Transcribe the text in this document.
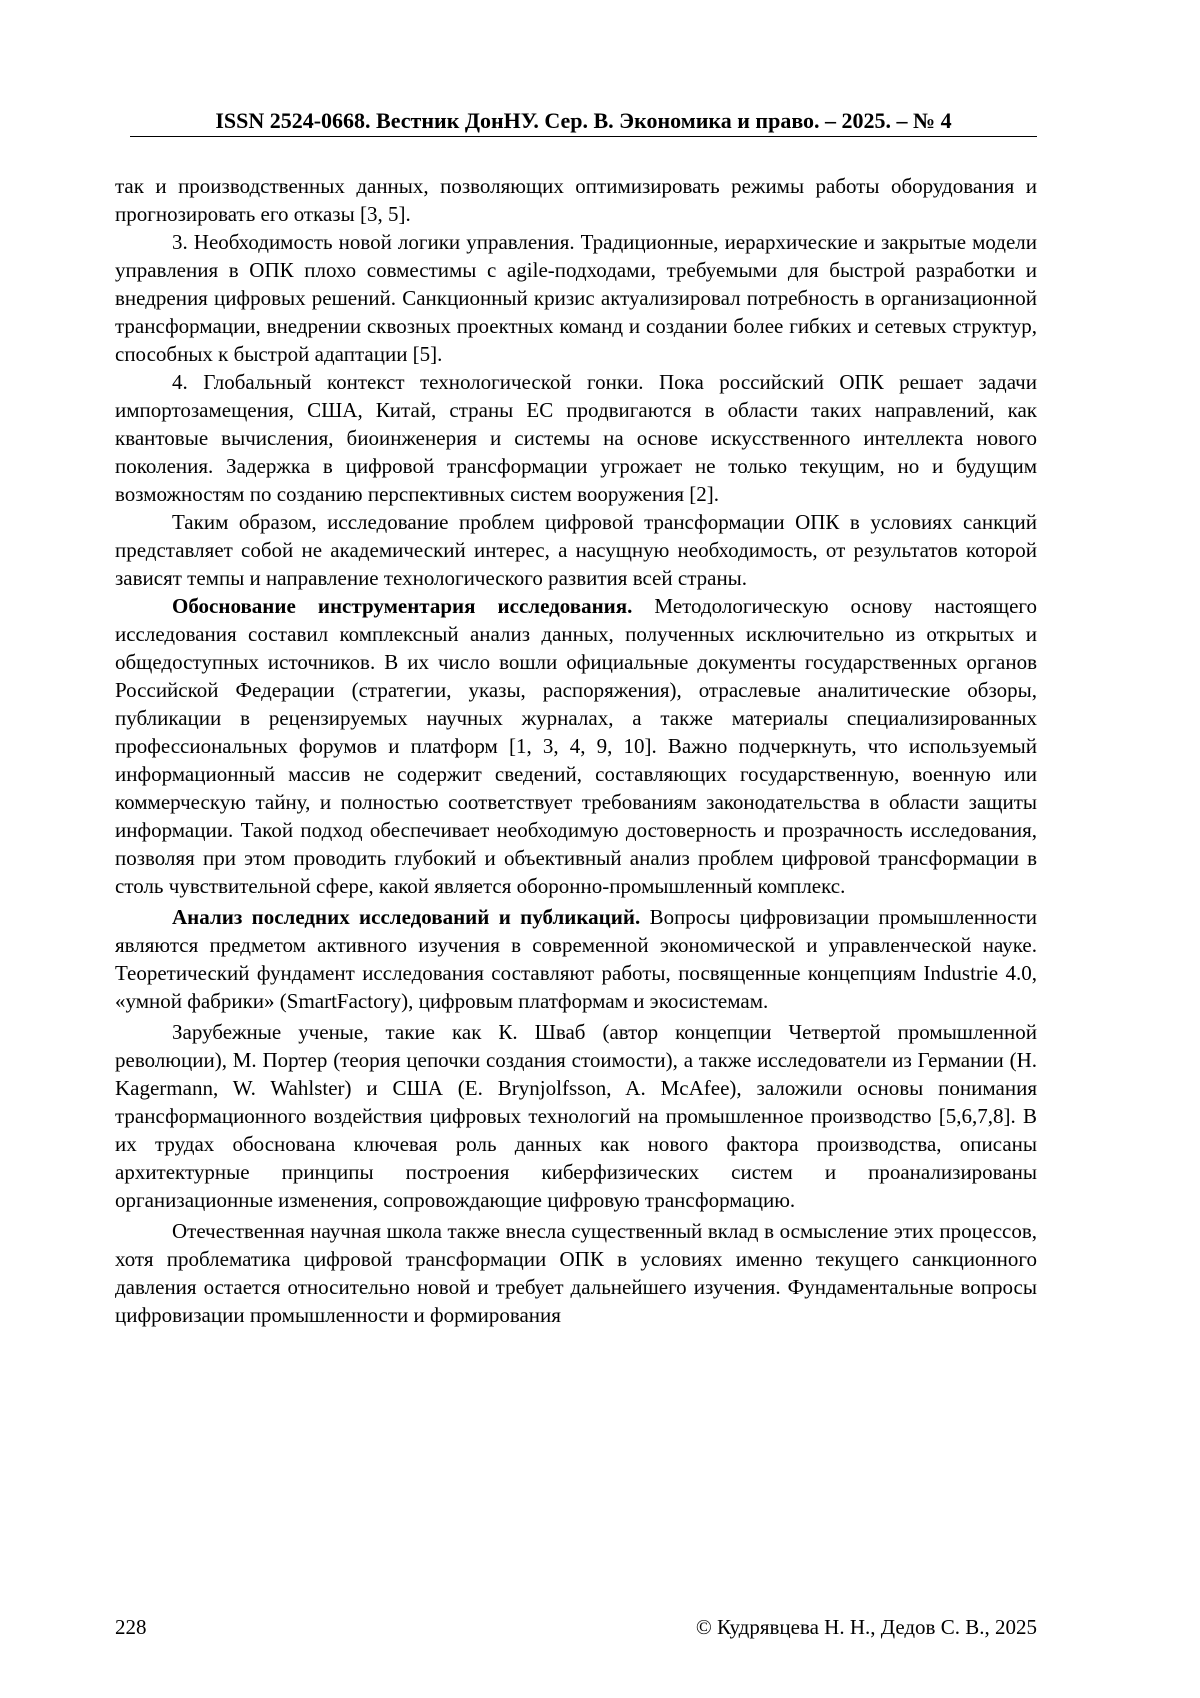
ISSN 2524-0668. Вестник ДонНУ. Сер. В. Экономика и право. – 2025. – № 4

так и производственных данных, позволяющих оптимизировать режимы работы оборудования и прогнозировать его отказы [3, 5].

3. Необходимость новой логики управления. Традиционные, иерархические и закрытые модели управления в ОПК плохо совместимы с agile-подходами, требуемыми для быстрой разработки и внедрения цифровых решений. Санкционный кризис актуализировал потребность в организационной трансформации, внедрении сквозных проектных команд и создании более гибких и сетевых структур, способных к быстрой адаптации [5].

4. Глобальный контекст технологической гонки. Пока российский ОПК решает задачи импортозамещения, США, Китай, страны ЕС продвигаются в области таких направлений, как квантовые вычисления, биоинженерия и системы на основе искусственного интеллекта нового поколения. Задержка в цифровой трансформации угрожает не только текущим, но и будущим возможностям по созданию перспективных систем вооружения [2].

Таким образом, исследование проблем цифровой трансформации ОПК в условиях санкций представляет собой не академический интерес, а насущную необходимость, от результатов которой зависят темпы и направление технологического развития всей страны.

Обоснование инструментария исследования. Методологическую основу настоящего исследования составил комплексный анализ данных, полученных исключительно из открытых и общедоступных источников. В их число вошли официальные документы государственных органов Российской Федерации (стратегии, указы, распоряжения), отраслевые аналитические обзоры, публикации в рецензируемых научных журналах, а также материалы специализированных профессиональных форумов и платформ [1, 3, 4, 9, 10]. Важно подчеркнуть, что используемый информационный массив не содержит сведений, составляющих государственную, военную или коммерческую тайну, и полностью соответствует требованиям законодательства в области защиты информации. Такой подход обеспечивает необходимую достоверность и прозрачность исследования, позволяя при этом проводить глубокий и объективный анализ проблем цифровой трансформации в столь чувствительной сфере, какой является оборонно-промышленный комплекс.

Анализ последних исследований и публикаций. Вопросы цифровизации промышленности являются предметом активного изучения в современной экономической и управленческой науке. Теоретический фундамент исследования составляют работы, посвященные концепциям Industrie 4.0, «умной фабрики» (SmartFactory), цифровым платформам и экосистемам.

Зарубежные ученые, такие как К. Шваб (автор концепции Четвертой промышленной революции), М. Портер (теория цепочки создания стоимости), а также исследователи из Германии (H. Kagermann, W. Wahlster) и США (E. Brynjolfsson, A. McAfee), заложили основы понимания трансформационного воздействия цифровых технологий на промышленное производство [5,6,7,8]. В их трудах обоснована ключевая роль данных как нового фактора производства, описаны архитектурные принципы построения киберфизических систем и проанализированы организационные изменения, сопровождающие цифровую трансформацию.

Отечественная научная школа также внесла существенный вклад в осмысление этих процессов, хотя проблематика цифровой трансформации ОПК в условиях именно текущего санкционного давления остается относительно новой и требует дальнейшего изучения. Фундаментальные вопросы цифровизации промышленности и формирования

228	© Кудрявцева Н. Н., Дедов С. В., 2025
